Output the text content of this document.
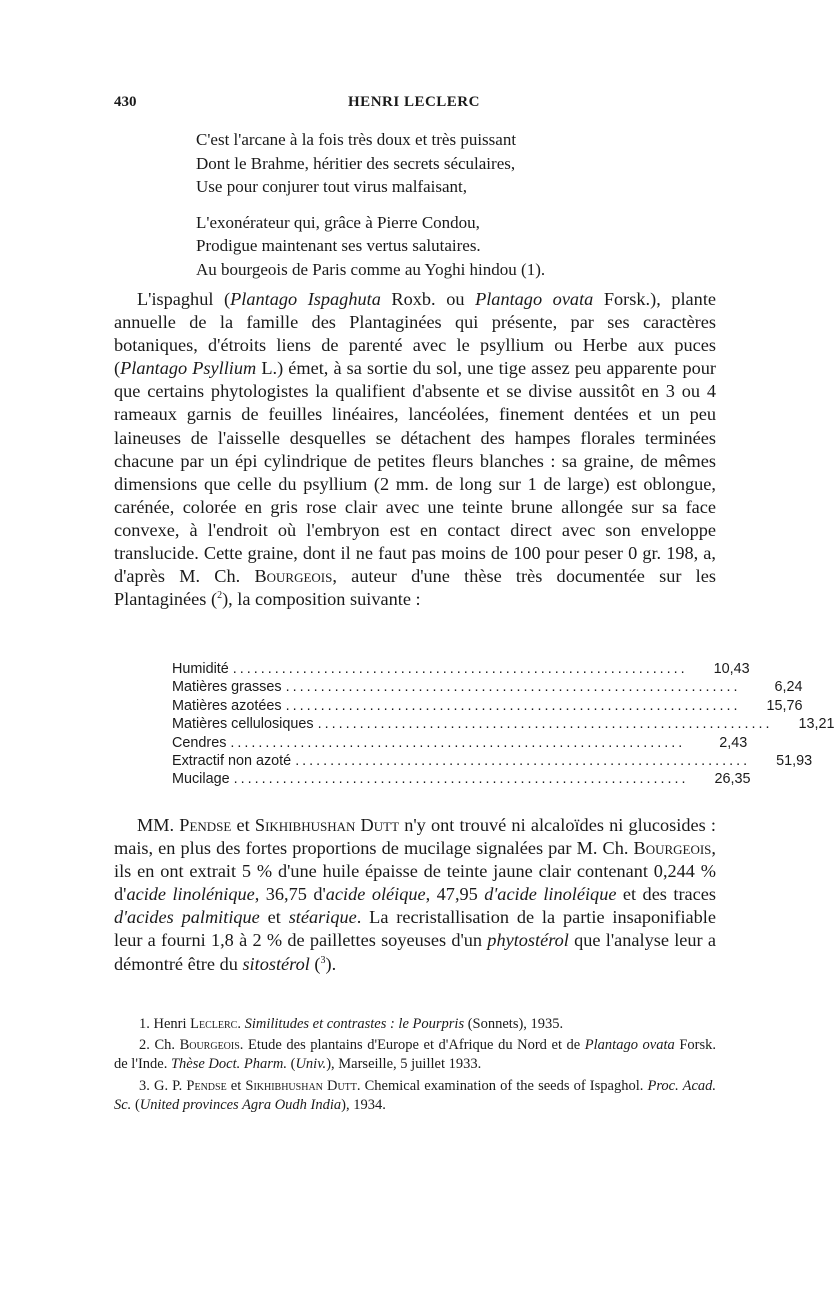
430	HENRI LECLERC
C'est l'arcane à la fois très doux et très puissant
Dont le Brahme, héritier des secrets séculaires,
Use pour conjurer tout virus malfaisant,
L'exonérateur qui, grâce à Pierre Condou,
Prodigue maintenant ses vertus salutaires.
Au bourgeois de Paris comme au Yoghi hindou (1).
L'ispaghul (Plantago Ispaghuta Roxb. ou Plantago ovata Forsk.), plante annuelle de la famille des Plantaginées qui présente, par ses caractères botaniques, d'étroits liens de parenté avec le psyllium ou Herbe aux puces (Plantago Psyllium L.) émet, à sa sortie du sol, une tige assez peu apparente pour que certains phytologistes la qualifient d'absente et se divise aussitôt en 3 ou 4 rameaux garnis de feuilles linéaires, lancéolées, finement dentées et un peu laineuses de l'aisselle desquelles se détachent des hampes florales terminées chacune par un épi cylindrique de petites fleurs blanches : sa graine, de mêmes dimensions que celle du psyllium (2 mm. de long sur 1 de large) est oblongue, carénée, colorée en gris rose clair avec une teinte brune allongée sur sa face convexe, à l'endroit où l'embryon est en contact direct avec son enveloppe translucide. Cette graine, dont il ne faut pas moins de 100 pour peser 0 gr. 198, a, d'après M. Ch. Bourgeois, auteur d'une thèse très documentée sur les Plantaginées ($^2$), la composition suivante :
Humidité .................................................................	10,43
Matières grasses .................................................................	6,24
Matières azotées .................................................................	15,76
Matières cellulosiques .................................................................	13,21
Cendres .................................................................	2,43
Extractif non azoté .................................................................	51,93
Mucilage .................................................................	26,35
MM. Pendse et Sikhibhushan Dutt n'y ont trouvé ni alcaloïdes ni glucosides : mais, en plus des fortes proportions de mucilage signalées par M. Ch. Bourgeois, ils en ont extrait 5 % d'une huile épaisse de teinte jaune clair contenant 0,244 % d'acide linolénique, 36,75 d'acide oléique, 47,95 d'acide linoléique et des traces d'acides palmitique et stéarique. La recristallisation de la partie insaponifiable leur a fourni 1,8 à 2 % de paillettes soyeuses d'un phytostérol que l'analyse leur a démontré être du sitostérol ($^3$).
1. Henri Leclerc. Similitudes et contrastes : le Pourpris (Sonnets), 1935.
2. Ch. Bourgeois. Etude des plantains d'Europe et d'Afrique du Nord et de Plantago ovata Forsk. de l'Inde. Thèse Doct. Pharm. (Univ.), Marseille, 5 juillet 1933.
3. G. P. Pendse et Sikhibhushan Dutt. Chemical examination of the seeds of Ispaghol. Proc. Acad. Sc. (United provinces Agra Oudh India), 1934.
